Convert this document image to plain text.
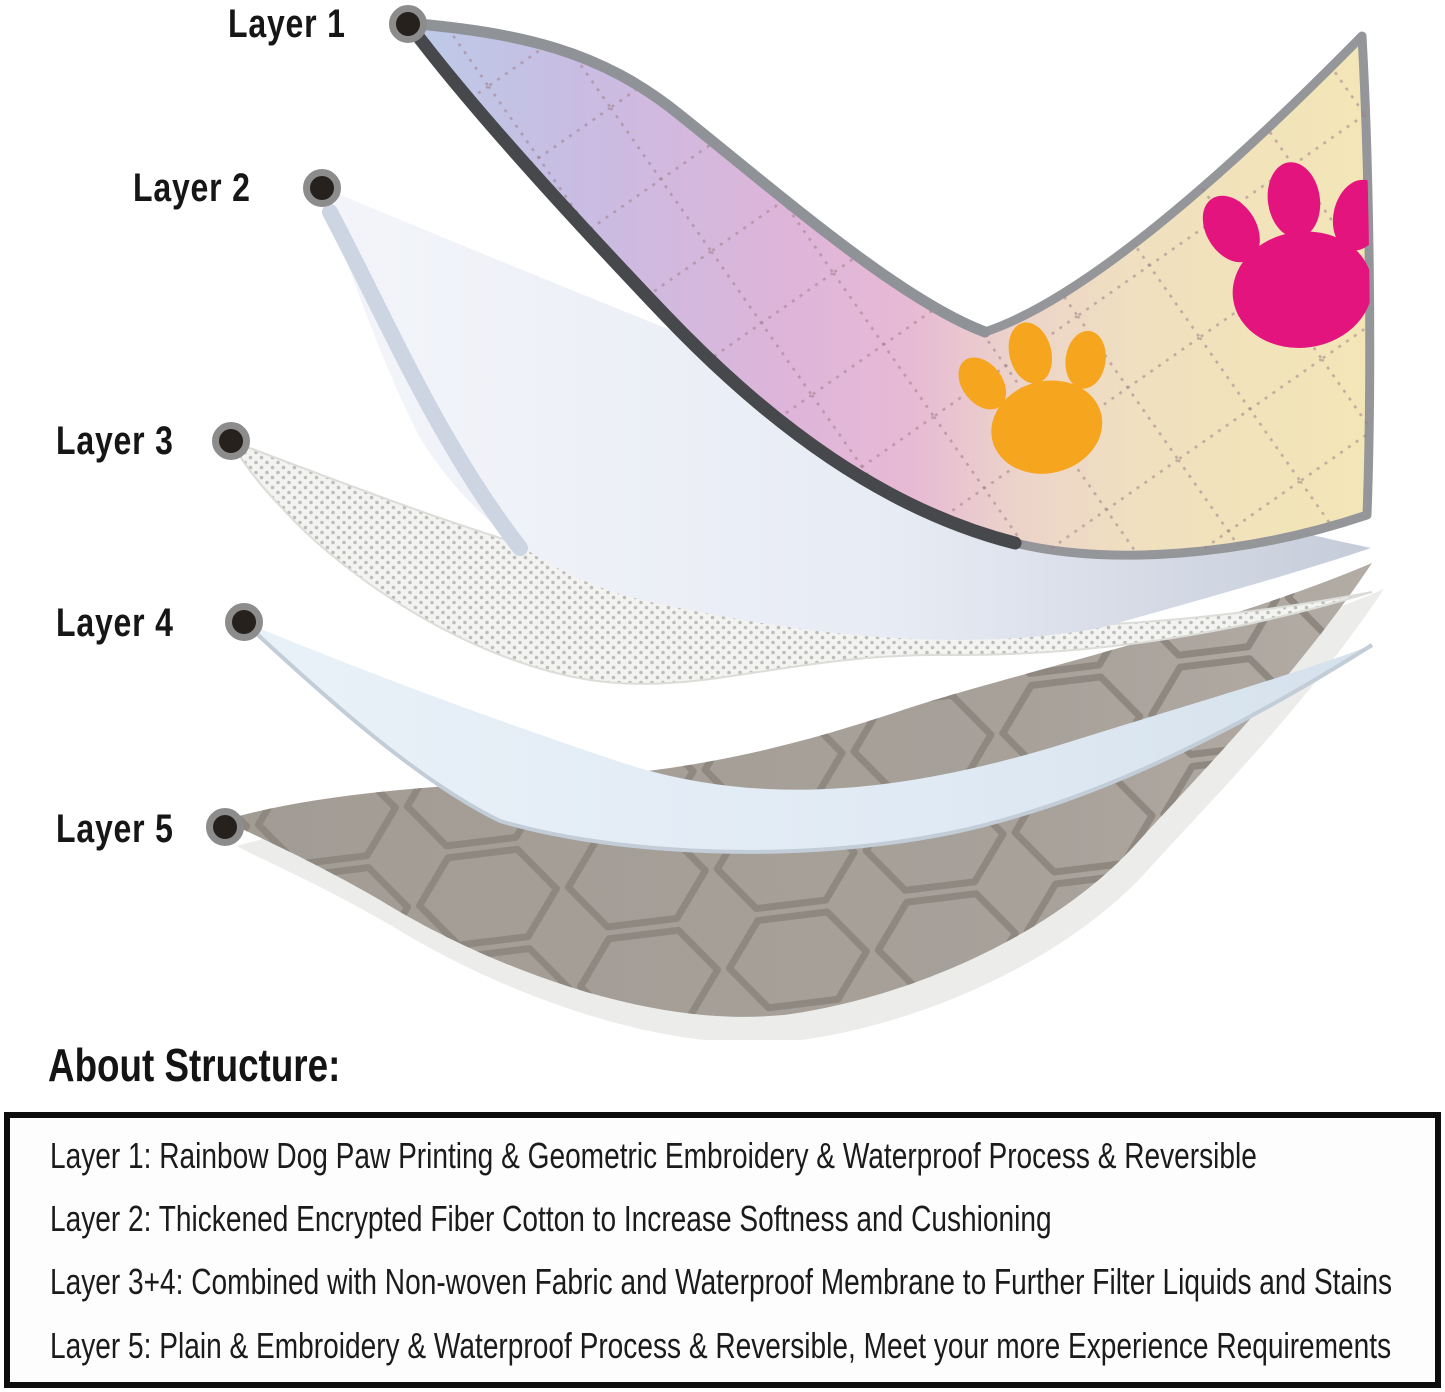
Layer 1
Layer 2
Layer 3
Layer 4
Layer 5
About Structure:
Layer 1: Rainbow Dog Paw Printing & Geometric Embroidery & Waterproof Process & Reversible
Layer 2: Thickened Encrypted Fiber Cotton to Increase Softness and Cushioning
Layer 3+4: Combined with Non-woven Fabric and Waterproof Membrane to Further Filter Liquids and Stains
Layer 5: Plain & Embroidery & Waterproof Process & Reversible, Meet your more Experience Requirements
